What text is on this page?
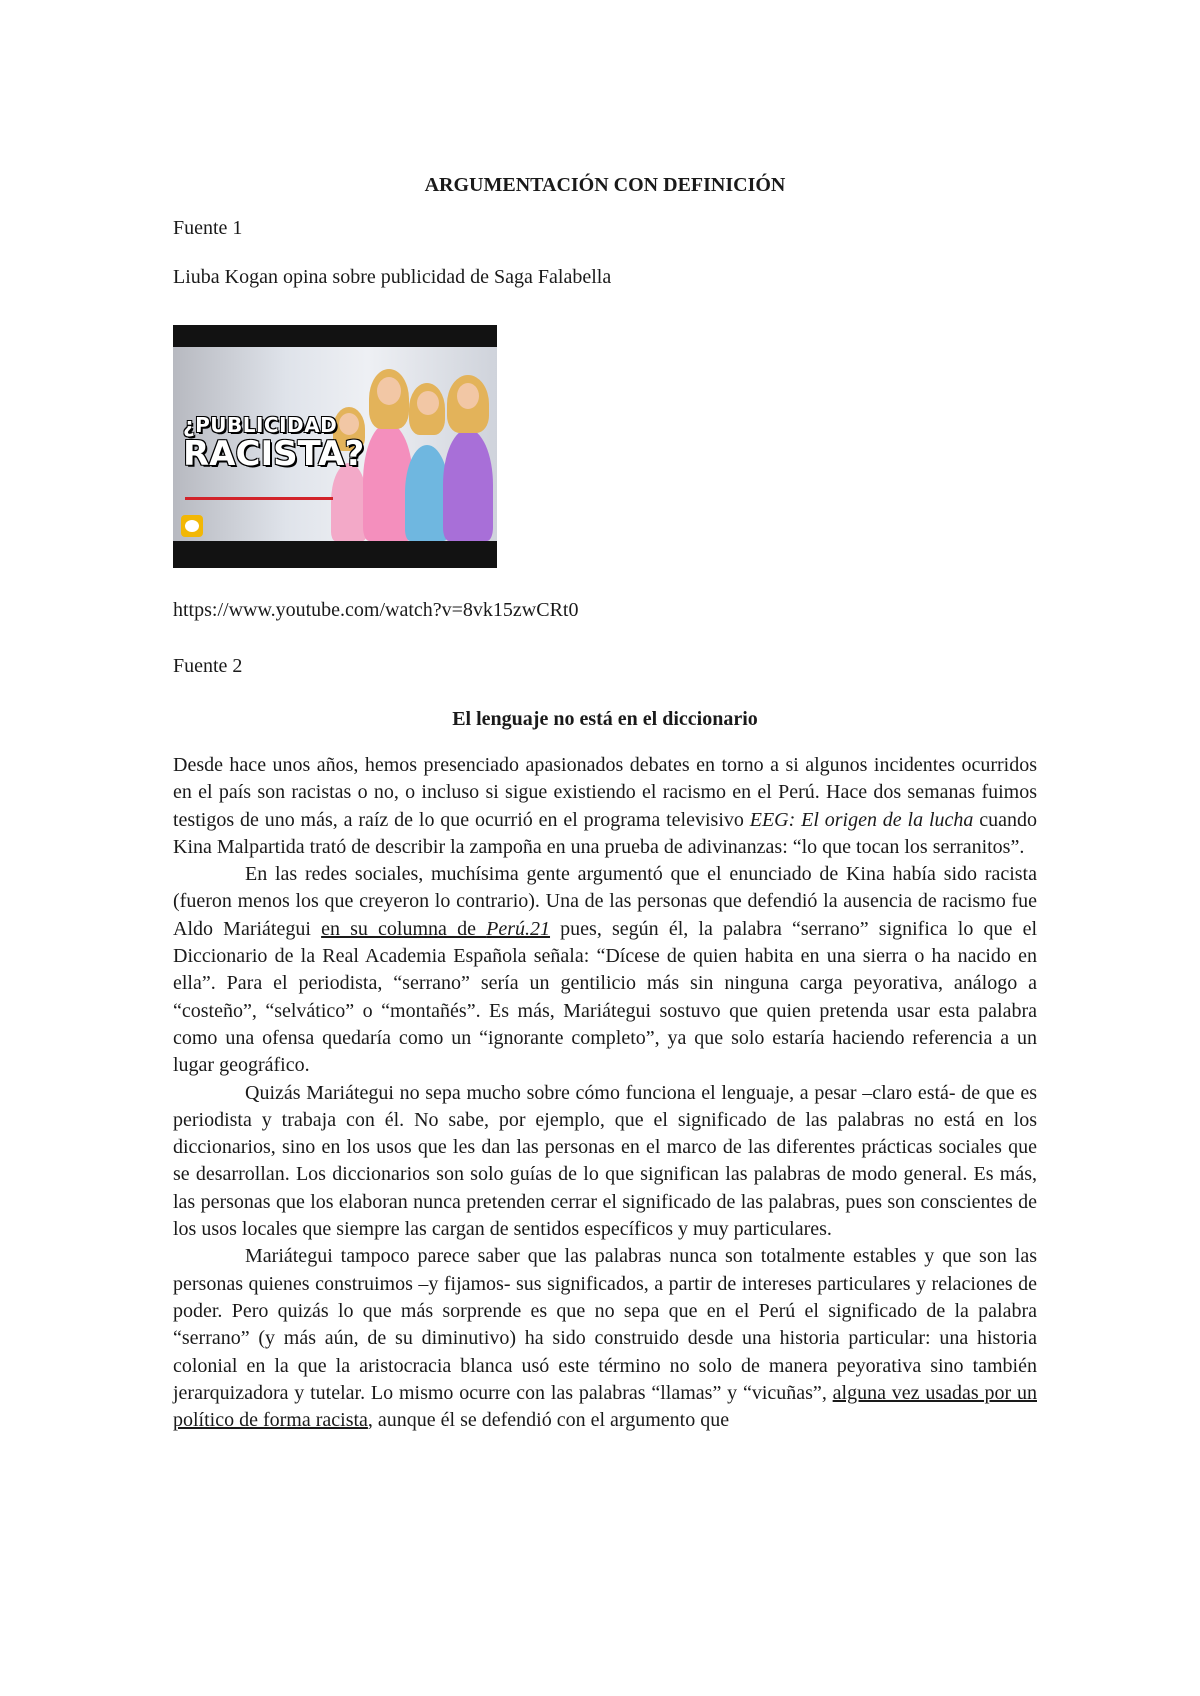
ARGUMENTACIÓN CON DEFINICIÓN

Fuente 1

Liuba Kogan opina sobre publicidad de Saga Falabella

¿PUBLICIDAD
RACISTA?

https://www.youtube.com/watch?v=8vk15zwCRt0

Fuente 2

El lenguaje no está en el diccionario

Desde hace unos años, hemos presenciado apasionados debates en torno a si algunos incidentes ocurridos en el país son racistas o no, o incluso si sigue existiendo el racismo en el Perú. Hace dos semanas fuimos testigos de uno más, a raíz de lo que ocurrió en el programa televisivo EEG: El origen de la lucha cuando Kina Malpartida trató de describir la zampoña en una prueba de adivinanzas: “lo que tocan los serranitos”.

En las redes sociales, muchísima gente argumentó que el enunciado de Kina había sido racista (fueron menos los que creyeron lo contrario). Una de las personas que defendió la ausencia de racismo fue Aldo Mariátegui en su columna de Perú.21 pues, según él, la palabra “serrano” significa lo que el Diccionario de la Real Academia Española señala: “Dícese de quien habita en una sierra o ha nacido en ella”. Para el periodista, “serrano” sería un gentilicio más sin ninguna carga peyorativa, análogo a “costeño”, “selvático” o “montañés”. Es más, Mariátegui sostuvo que quien pretenda usar esta palabra como una ofensa quedaría como un “ignorante completo”, ya que solo estaría haciendo referencia a un lugar geográfico.

Quizás Mariátegui no sepa mucho sobre cómo funciona el lenguaje, a pesar –claro está- de que es periodista y trabaja con él. No sabe, por ejemplo, que el significado de las palabras no está en los diccionarios, sino en los usos que les dan las personas en el marco de las diferentes prácticas sociales que se desarrollan. Los diccionarios son solo guías de lo que significan las palabras de modo general. Es más, las personas que los elaboran nunca pretenden cerrar el significado de las palabras, pues son conscientes de los usos locales que siempre las cargan de sentidos específicos y muy particulares.

Mariátegui tampoco parece saber que las palabras nunca son totalmente estables y que son las personas quienes construimos –y fijamos- sus significados, a partir de intereses particulares y relaciones de poder. Pero quizás lo que más sorprende es que no sepa que en el Perú el significado de la palabra “serrano” (y más aún, de su diminutivo) ha sido construido desde una historia particular: una historia colonial en la que la aristocracia blanca usó este término no solo de manera peyorativa sino también jerarquizadora y tutelar. Lo mismo ocurre con las palabras “llamas” y “vicuñas”, alguna vez usadas por un político de forma racista, aunque él se defendió con el argumento que
